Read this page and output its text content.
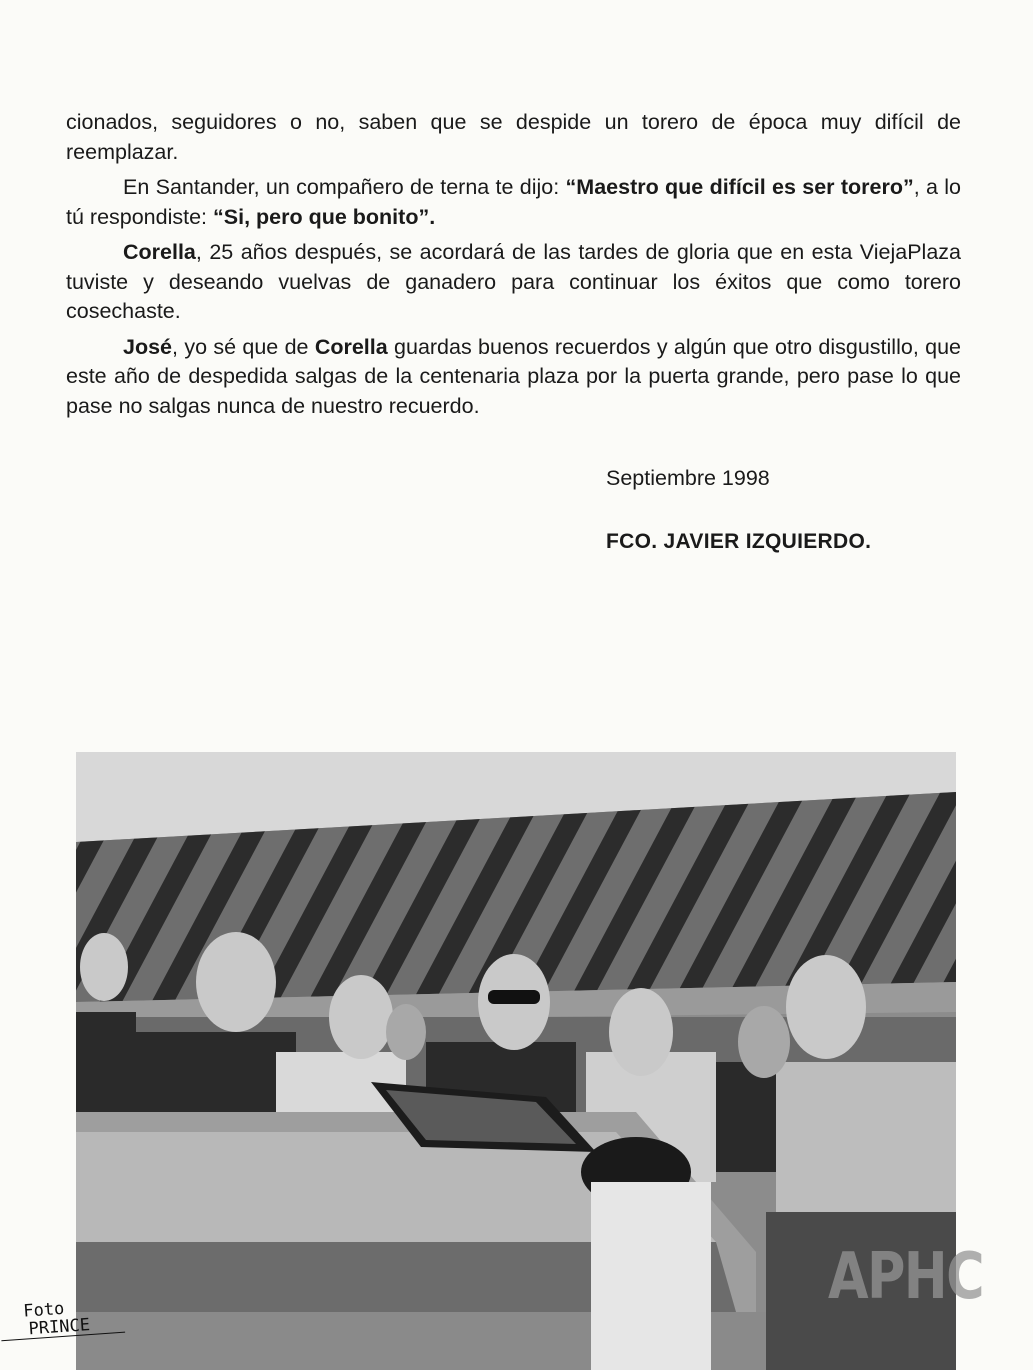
cionados, seguidores o no, saben que se despide un torero de época muy difícil de reemplazar.

En Santander, un compañero de terna te dijo: “Maestro que difícil es ser torero”, a lo tú respondiste: “Si, pero que bonito”.

Corella, 25 años después, se acordará de las tardes de gloria que en esta ViejaPlaza tuviste y deseando vuelvas de ganadero para continuar los éxitos que como torero cosechaste.

José, yo sé que de Corella guardas buenos recuerdos y algún que otro disgustillo, que este año de despedida salgas de la centenaria plaza por la puerta grande, pero pase lo que pase no salgas nunca de nuestro recuerdo.

Septiembre 1998

FCO. JAVIER IZQUIERDO.

Foto
PRINCE
APHC
